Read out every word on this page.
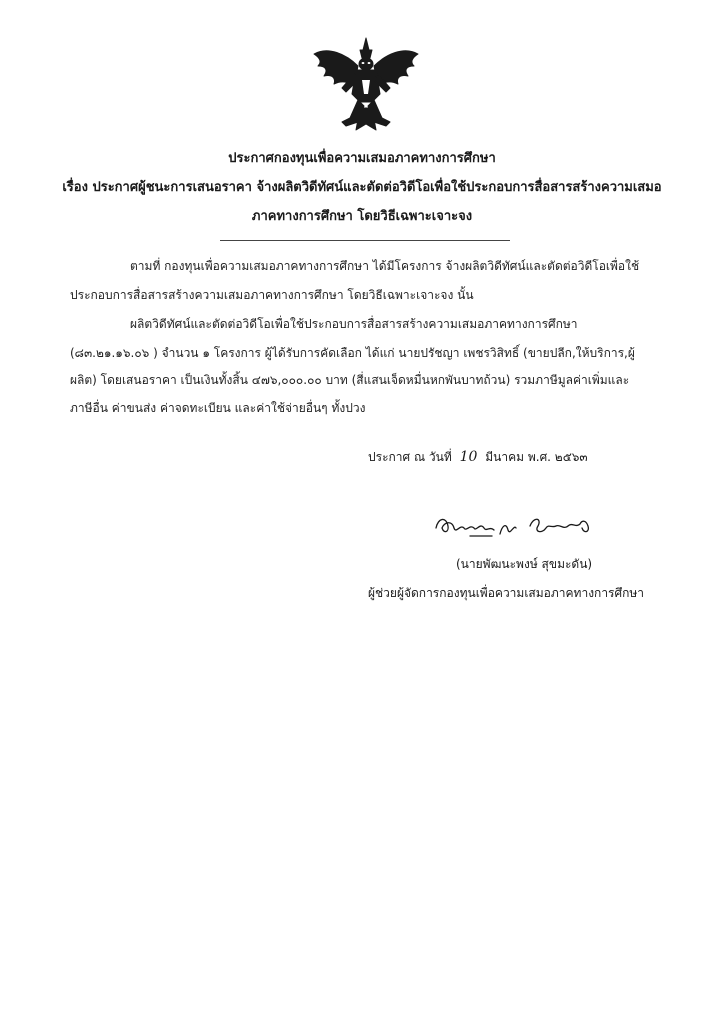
ประกาศกองทุนเพื่อความเสมอภาคทางการศึกษา
เรื่อง ประกาศผู้ชนะการเสนอราคา จ้างผลิตวิดีทัศน์และตัดต่อวิดีโอเพื่อใช้ประกอบการสื่อสารสร้างความเสมอ
ภาคทางการศึกษา โดยวิธีเฉพาะเจาะจง
ตามที่ กองทุนเพื่อความเสมอภาคทางการศึกษา ได้มีโครงการ จ้างผลิตวิดีทัศน์และตัดต่อวิดีโอเพื่อใช้
ประกอบการสื่อสารสร้างความเสมอภาคทางการศึกษา โดยวิธีเฉพาะเจาะจง นั้น
ผลิตวิดีทัศน์และตัดต่อวิดีโอเพื่อใช้ประกอบการสื่อสารสร้างความเสมอภาคทางการศึกษา
(๘๓.๒๑.๑๖.๐๖ ) จำนวน ๑ โครงการ ผู้ได้รับการคัดเลือก ได้แก่ นายปรัชญา เพชรวิสิทธิ์ (ขายปลีก,ให้บริการ,ผู้
ผลิต) โดยเสนอราคา เป็นเงินทั้งสิ้น ๔๗๖,๐๐๐.๐๐ บาท (สี่แสนเจ็ดหมื่นหกพันบาทถ้วน) รวมภาษีมูลค่าเพิ่มและ
ภาษีอื่น ค่าขนส่ง ค่าจดทะเบียน และค่าใช้จ่ายอื่นๆ ทั้งปวง
ประกาศ ณ วันที่ 10 มีนาคม พ.ศ. ๒๕๖๓
(นายพัฒนะพงษ์ สุขมะดัน)
ผู้ช่วยผู้จัดการกองทุนเพื่อความเสมอภาคทางการศึกษา
